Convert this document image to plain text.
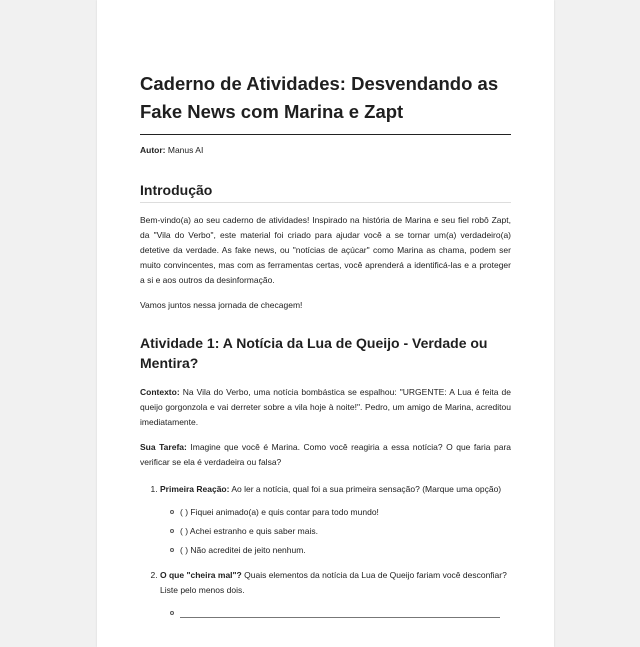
Caderno de Atividades: Desvendando as Fake News com Marina e Zapt
Autor: Manus AI
Introdução

Bem-vindo(a) ao seu caderno de atividades! Inspirado na história de Marina e seu fiel robô Zapt, da "Vila do Verbo", este material foi criado para ajudar você a se tornar um(a) verdadeiro(a) detetive da verdade. As fake news, ou "notícias de açúcar" como Marina as chama, podem ser muito convincentes, mas com as ferramentas certas, você aprenderá a identificá-las e a proteger a si e aos outros da desinformação.

Vamos juntos nessa jornada de checagem!

Atividade 1: A Notícia da Lua de Queijo - Verdade ou Mentira?

Contexto: Na Vila do Verbo, uma notícia bombástica se espalhou: "URGENTE: A Lua é feita de queijo gorgonzola e vai derreter sobre a vila hoje à noite!". Pedro, um amigo de Marina, acreditou imediatamente.

Sua Tarefa: Imagine que você é Marina. Como você reagiria a essa notícia? O que faria para verificar se ela é verdadeira ou falsa?

1. Primeira Reação: Ao ler a notícia, qual foi a sua primeira sensação? (Marque uma opção)
( ) Fiquei animado(a) e quis contar para todo mundo!
( ) Achei estranho e quis saber mais.
( ) Não acreditei de jeito nenhum.
2. O que "cheira mal"? Quais elementos da notícia da Lua de Queijo fariam você desconfiar? Liste pelo menos dois.
